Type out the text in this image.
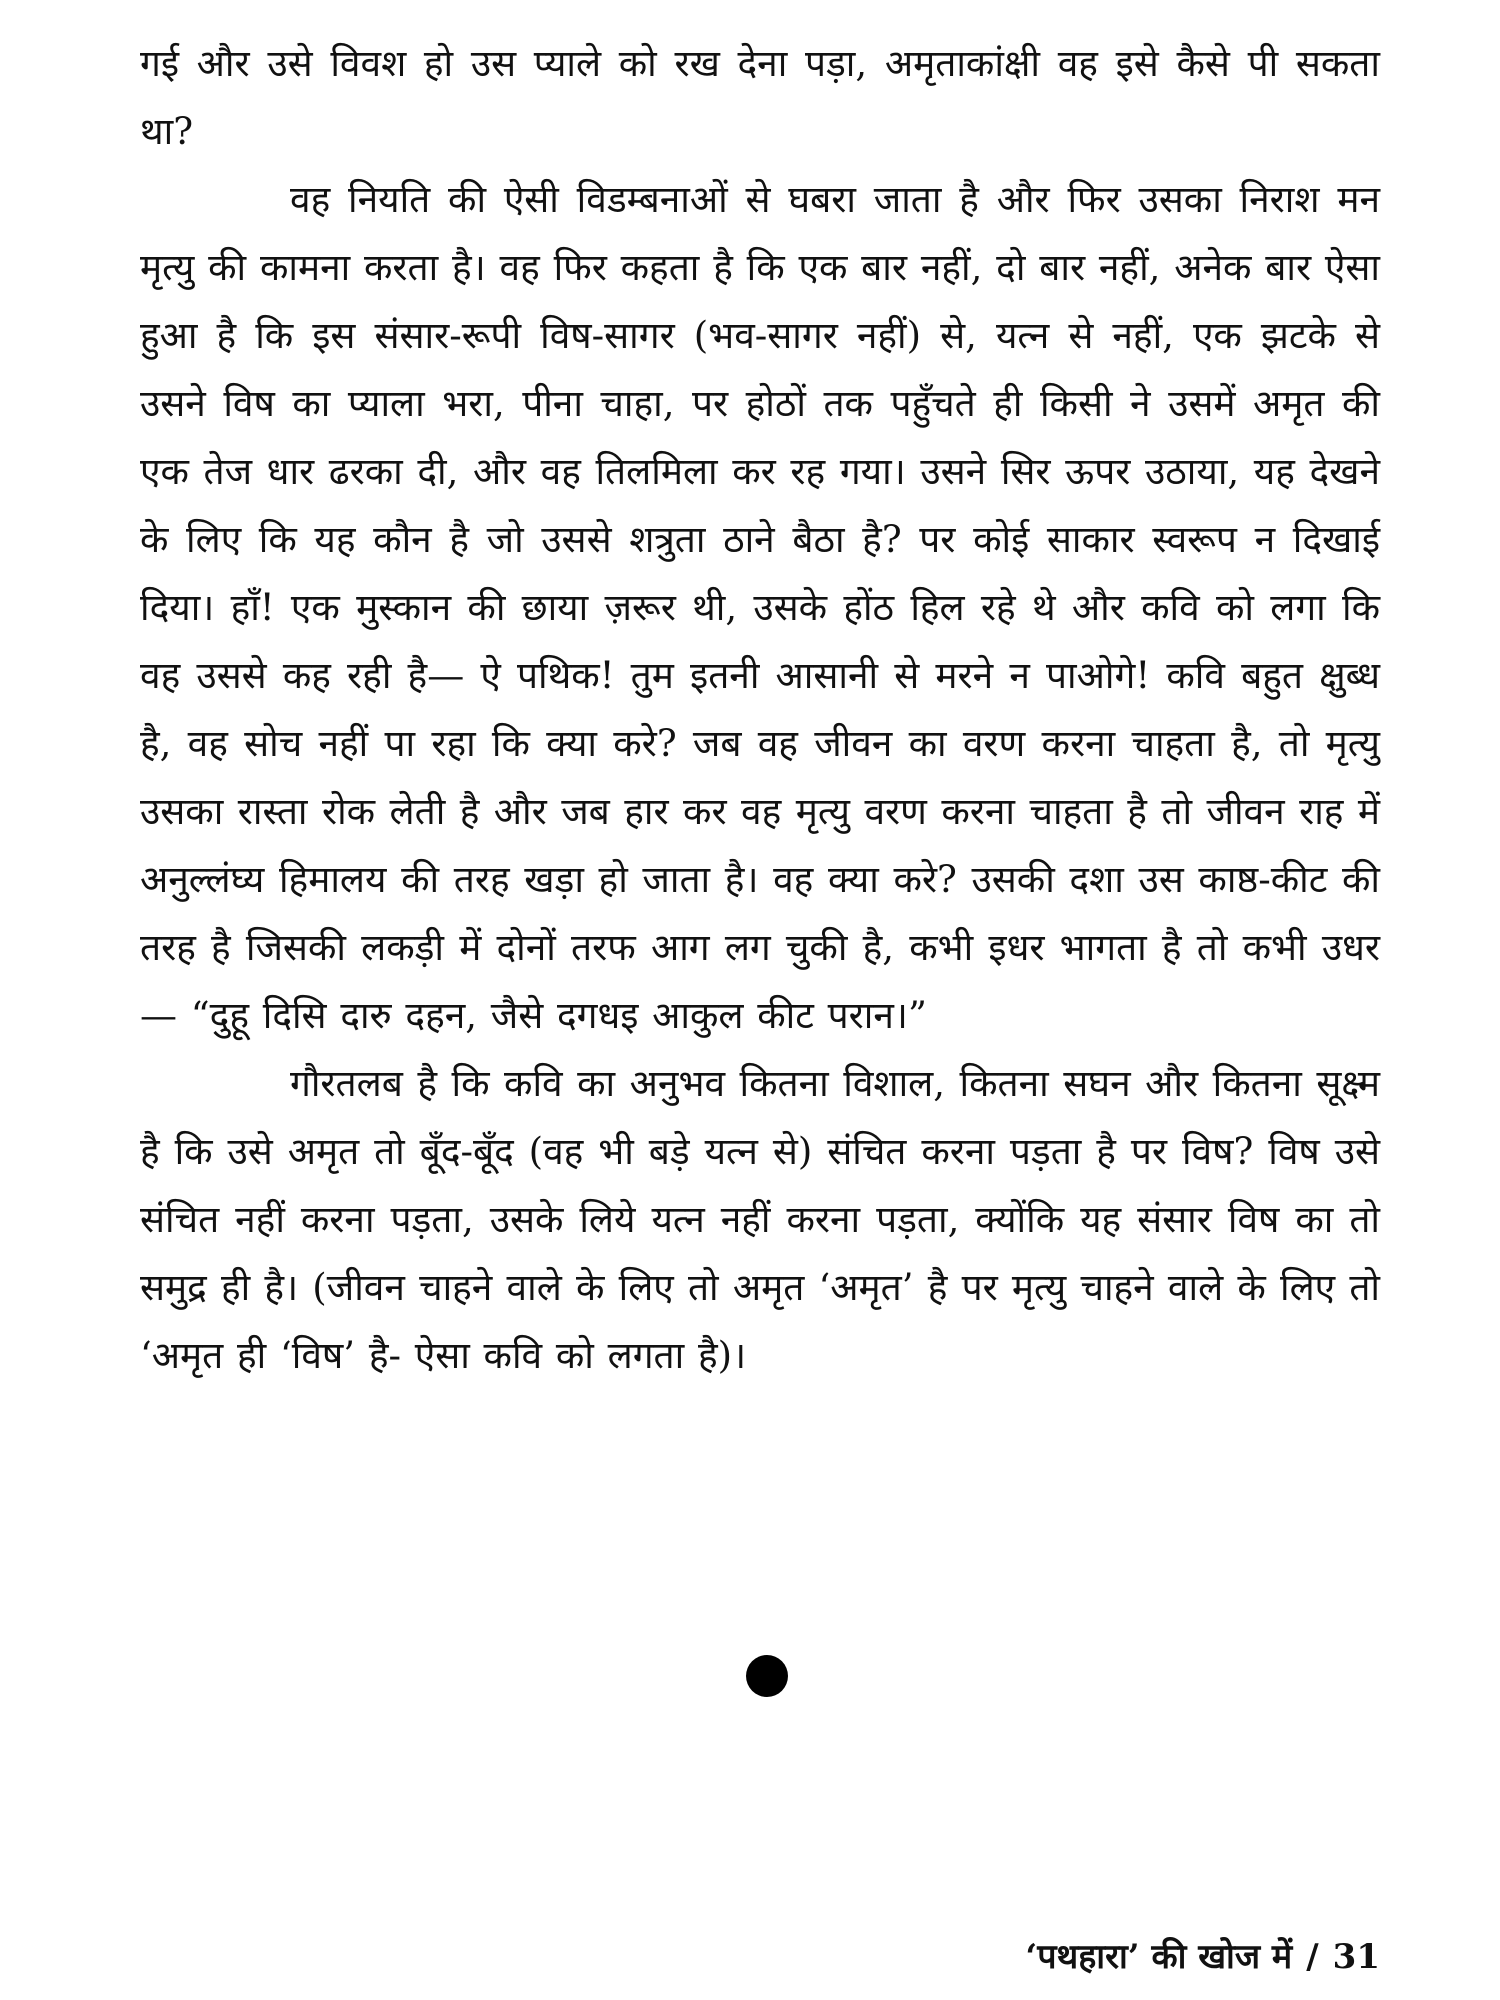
गई और उसे विवश हो उस प्याले को रख देना पड़ा, अमृताकांक्षी वह इसे कैसे पी सकता था?

वह नियति की ऐसी विडम्बनाओं से घबरा जाता है और फिर उसका निराश मन मृत्यु की कामना करता है। वह फिर कहता है कि एक बार नहीं, दो बार नहीं, अनेक बार ऐसा हुआ है कि इस संसार-रूपी विष-सागर (भव-सागर नहीं) से, यत्न से नहीं, एक झटके से उसने विष का प्याला भरा, पीना चाहा, पर होठों तक पहुँचते ही किसी ने उसमें अमृत की एक तेज धार ढरका दी, और वह तिलमिला कर रह गया। उसने सिर ऊपर उठाया, यह देखने के लिए कि यह कौन है जो उससे शत्रुता ठाने बैठा है? पर कोई साकार स्वरूप न दिखाई दिया। हाँ! एक मुस्कान की छाया ज़रूर थी, उसके होंठ हिल रहे थे और कवि को लगा कि वह उससे कह रही है— ऐ पथिक! तुम इतनी आसानी से मरने न पाओगे! कवि बहुत क्षुब्ध है, वह सोच नहीं पा रहा कि क्या करे? जब वह जीवन का वरण करना चाहता है, तो मृत्यु उसका रास्ता रोक लेती है और जब हार कर वह मृत्यु वरण करना चाहता है तो जीवन राह में अनुल्लंघ्य हिमालय की तरह खड़ा हो जाता है। वह क्या करे? उसकी दशा उस काष्ठ-कीट की तरह है जिसकी लकड़ी में दोनों तरफ आग लग चुकी है, कभी इधर भागता है तो कभी उधर— “दुहू दिसि दारु दहन, जैसे दगधइ आकुल कीट परान।”

गौरतलब है कि कवि का अनुभव कितना विशाल, कितना सघन और कितना सूक्ष्म है कि उसे अमृत तो बूँद-बूँद (वह भी बड़े यत्न से) संचित करना पड़ता है पर विष? विष उसे संचित नहीं करना पड़ता, उसके लिये यत्न नहीं करना पड़ता, क्योंकि यह संसार विष का तो समुद्र ही है। (जीवन चाहने वाले के लिए तो अमृत ‘अमृत’ है पर मृत्यु चाहने वाले के लिए तो ‘अमृत ही ‘विष’ है- ऐसा कवि को लगता है)।

‘पथहारा’ की खोज में / 31
